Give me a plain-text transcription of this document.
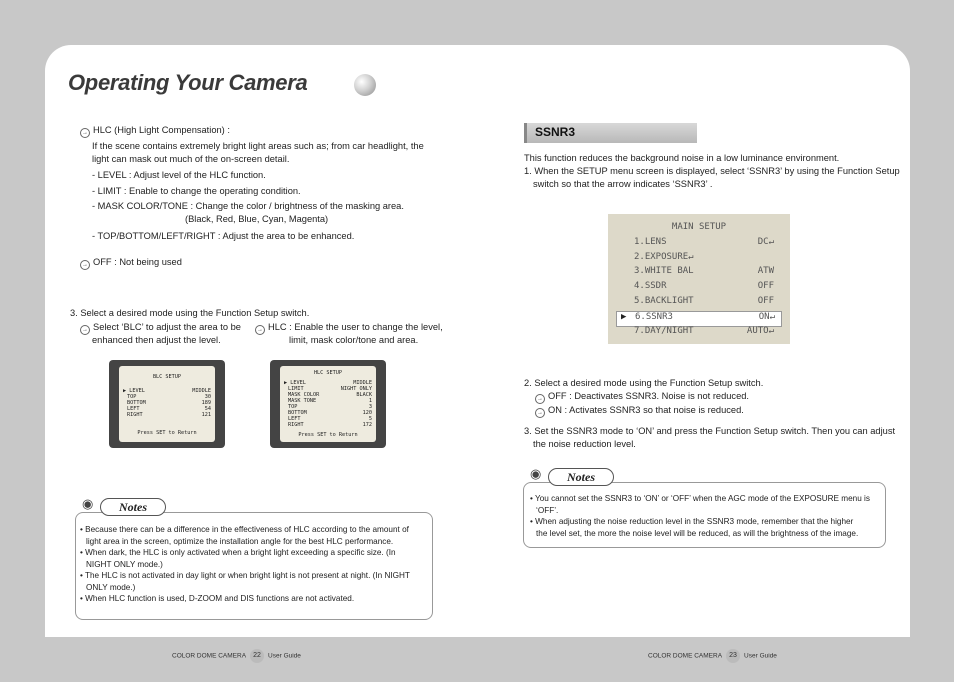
Operating Your Camera
→HLC (High Light Compensation) :
If the scene contains extremely bright light areas such as; from car headlight, the
light can mask out much of the on-screen detail.
- LEVEL : Adjust level of the HLC function.
- LIMIT : Enable to change the operating condition.
- MASK COLOR/TONE : Change the color / brightness of the masking area.
(Black, Red, Blue, Cyan, Magenta)
- TOP/BOTTOM/LEFT/RIGHT : Adjust the area to be enhanced.
→OFF : Not being used
3. Select a desired mode using the Function Setup switch.
→Select ‘BLC’ to adjust the area to be
enhanced then adjust the level.
→HLC : Enable the user to change the level,
limit, mask color/tone and area.
BLC SETUP
▶ LEVEL	MIDDLE
TOP	30
BOTTOM	189
LEFT	54
RIGHT	121
Press SET to Return
HLC SETUP
▶ LEVEL	MIDDLE
LIMIT	NIGHT ONLY
MASK COLOR	BLACK
MASK TONE	1
TOP	3
BOTTOM	120
LEFT	5
RIGHT	172
Press SET to Return
◉	Notes
• Because there can be a difference in the effectiveness of HLC according to the amount of
light area in the screen, optimize the installation angle for the best HLC performance.
• When dark, the HLC is only activated when a bright light exceeding a specific size. (In
NIGHT ONLY mode.)
• The HLC is not activated in day light or when bright light is not present at night. (In NIGHT
ONLY mode.)
• When HLC function is used, D-ZOOM and DIS functions are not activated.
COLOR DOME CAMERA 22 User Guide
SSNR3
This function reduces the background noise in a low luminance environment.
1. When the SETUP menu screen is displayed, select ‘SSNR3’ by using the Function Setup
switch so that the arrow indicates ‘SSNR3’ .
MAIN SETUP
1.LENS	DC↵
2.EXPOSURE↵
3.WHITE BAL	ATW
4.SSDR	OFF
5.BACKLIGHT	OFF
▶ 6.SSNR3	ON↵
7.DAY/NIGHT	AUTO↵
2. Select a desired mode using the Function Setup switch.
→OFF : Deactivates SSNR3. Noise is not reduced.
→ON : Activates SSNR3 so that noise is reduced.
3. Set the SSNR3 mode to ‘ON’ and press the Function Setup switch. Then you can adjust
the noise reduction level.
◉	Notes
• You cannot set the SSNR3 to ‘ON’ or ‘OFF’ when the AGC mode of the EXPOSURE menu is
‘OFF’.
• When adjusting the noise reduction level in the SSNR3 mode, remember that the higher
the level set, the more the noise level will be reduced, as will the brightness of the image.
COLOR DOME CAMERA 23 User Guide
